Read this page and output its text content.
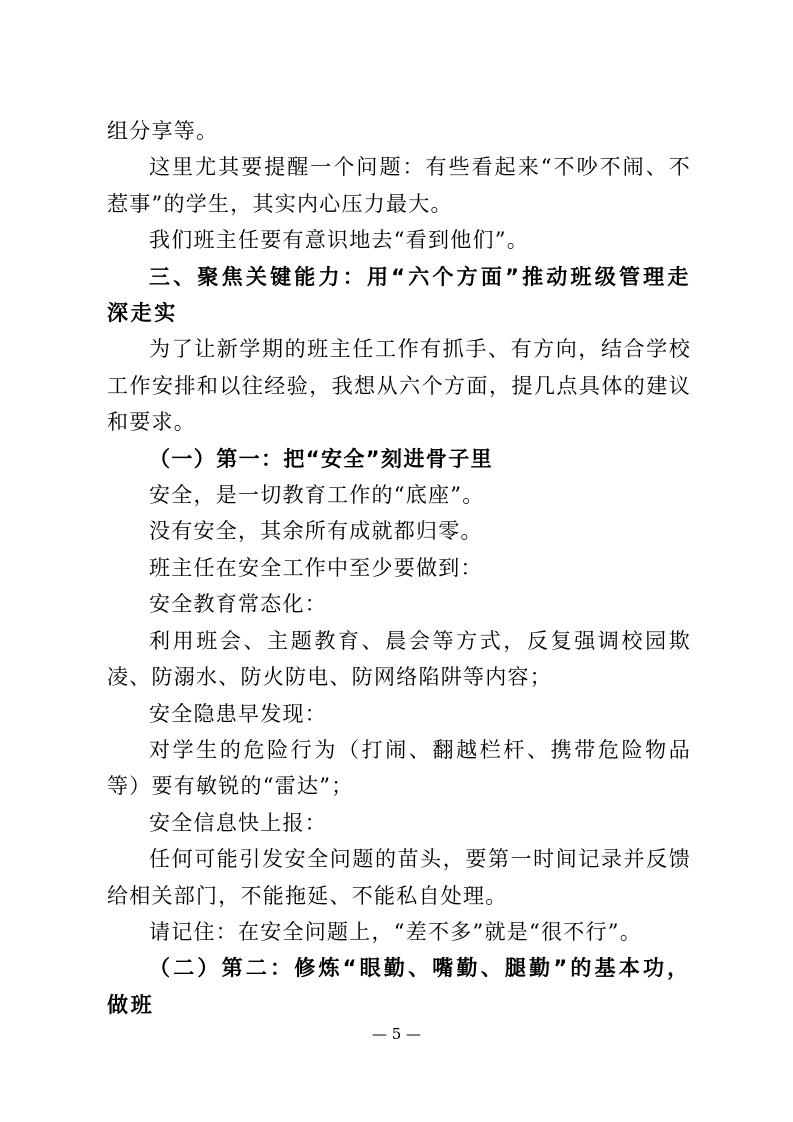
组分享等。

这里尤其要提醒一个问题：有些看起来“不吵不闹、不惹事”的学生，其实内心压力最大。

我们班主任要有意识地去“看到他们”。

三、聚焦关键能力：用“六个方面”推动班级管理走深走实

为了让新学期的班主任工作有抓手、有方向，结合学校工作安排和以往经验，我想从六个方面，提几点具体的建议和要求。

（一）第一：把“安全”刻进骨子里

安全，是一切教育工作的“底座”。

没有安全，其余所有成就都归零。

班主任在安全工作中至少要做到：

安全教育常态化：

利用班会、主题教育、晨会等方式，反复强调校园欺凌、防溺水、防火防电、防网络陷阱等内容；

安全隐患早发现：

对学生的危险行为（打闹、翻越栏杆、携带危险物品等）要有敏锐的“雷达”；

安全信息快上报：

任何可能引发安全问题的苗头，要第一时间记录并反馈给相关部门，不能拖延、不能私自处理。

请记住：在安全问题上，“差不多”就是“很不行”。

（二）第二：修炼“眼勤、嘴勤、腿勤”的基本功，做班

— 5 —
